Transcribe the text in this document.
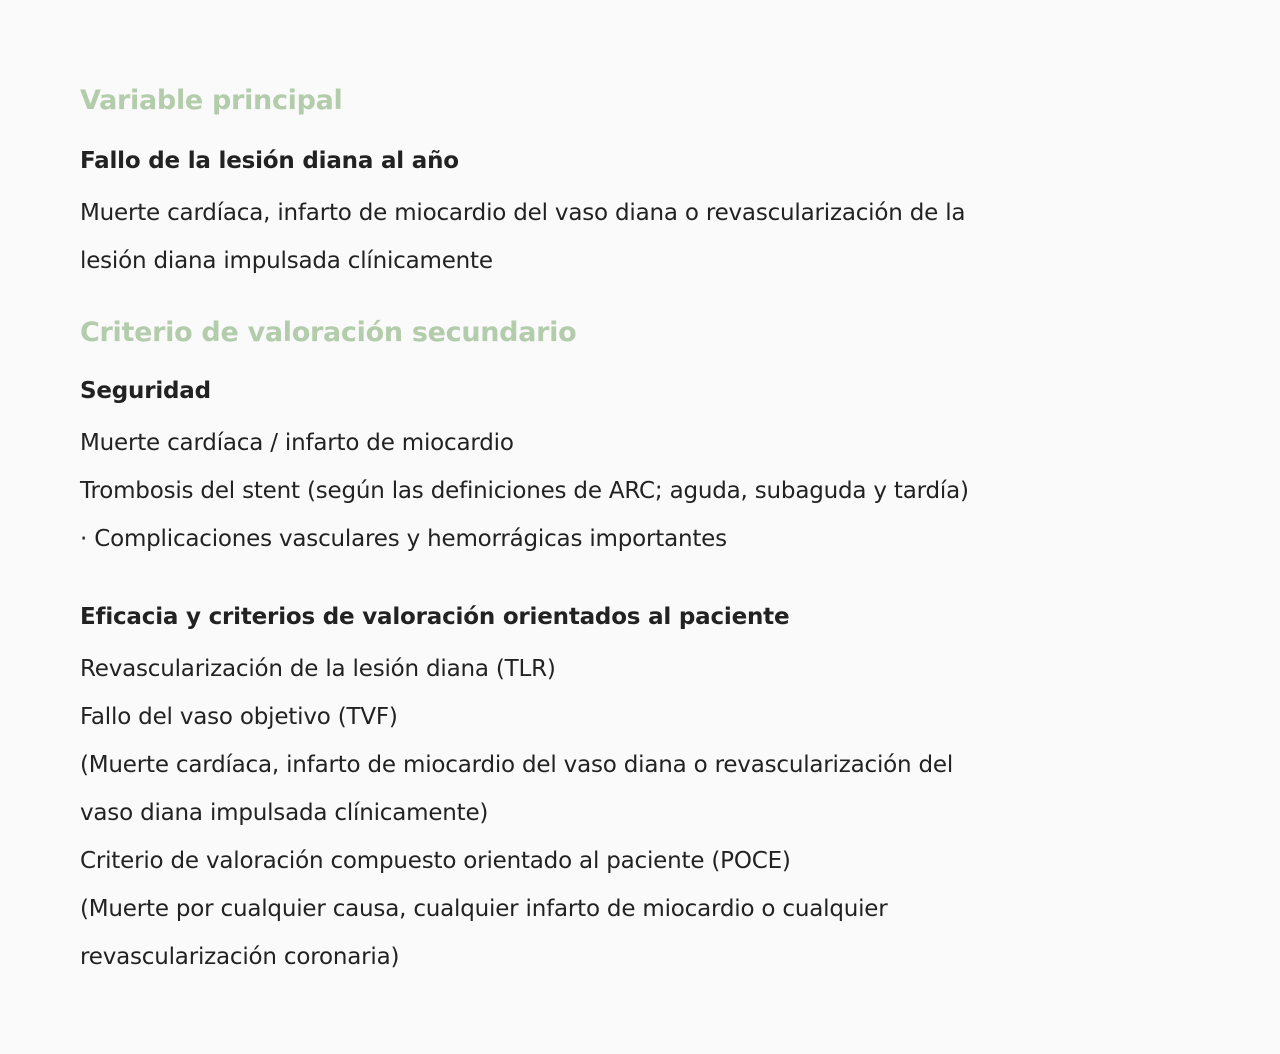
Variable principal
Fallo de la lesión diana al año

Muerte cardíaca, infarto de miocardio del vaso diana o revascularización de la

lesión diana impulsada clínicamente

Criterio de valoración secundario
Seguridad

Muerte cardíaca / infarto de miocardio

Trombosis del stent (según las definiciones de ARC; aguda, subaguda y tardía)

· Complicaciones vasculares y hemorrágicas importantes

Eficacia y criterios de valoración orientados al paciente

Revascularización de la lesión diana (TLR)

Fallo del vaso objetivo (TVF)

(Muerte cardíaca, infarto de miocardio del vaso diana o revascularización del

vaso diana impulsada clínicamente)

Criterio de valoración compuesto orientado al paciente (POCE)

(Muerte por cualquier causa, cualquier infarto de miocardio o cualquier

revascularización coronaria)
